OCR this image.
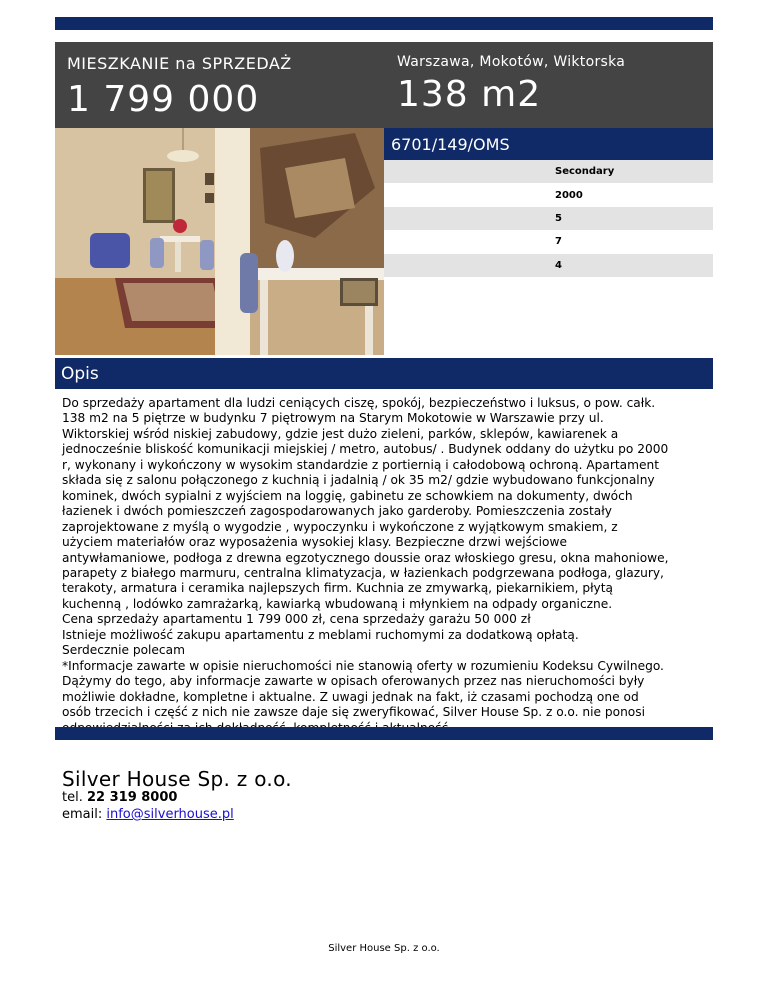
MIESZKANIE na SPRZEDAŻ
1 799 000
Warszawa, Mokotów, Wiktorska
138 m2
6701/149/OMS
Secondary
2000
5
7
4
Opis
Do sprzedaży apartament dla ludzi ceniących ciszę, spokój, bezpieczeństwo i luksus, o pow. całk.
138 m2 na 5 piętrze w budynku 7 piętrowym na Starym Mokotowie w Warszawie przy ul.
Wiktorskiej wśród niskiej zabudowy, gdzie jest dużo zieleni, parków, sklepów, kawiarenek a
jednocześnie bliskość komunikacji miejskiej / metro, autobus/ . Budynek oddany do użytku po 2000
r, wykonany i wykończony w wysokim standardzie z portiernią i całodobową ochroną. Apartament
składa się z salonu połączonego z kuchnią i jadalnią / ok 35 m2/ gdzie wybudowano funkcjonalny
kominek, dwóch sypialni z wyjściem na loggię, gabinetu ze schowkiem na dokumenty, dwóch
łazienek i dwóch pomieszczeń zagospodarowanych jako garderoby. Pomieszczenia zostały
zaprojektowane z myślą o wygodzie , wypoczynku i wykończone z wyjątkowym smakiem, z
użyciem materiałów oraz wyposażenia wysokiej klasy. Bezpieczne drzwi wejściowe
antywłamaniowe, podłoga z drewna egzotycznego doussie oraz włoskiego gresu, okna mahoniowe,
parapety z białego marmuru, centralna klimatyzacja, w łazienkach podgrzewana podłoga, glazury,
terakoty, armatura i ceramika najlepszych firm. Kuchnia ze zmywarką, piekarnikiem, płytą
kuchenną , lodówko zamrażarką, kawiarką wbudowaną i młynkiem na odpady organiczne.
Cena sprzedaży apartamentu 1 799 000 zł, cena sprzedaży garażu 50 000 zł
Istnieje możliwość zakupu apartamentu z meblami ruchomymi za dodatkową opłatą.
Serdecznie polecam
*Informacje zawarte w opisie nieruchomości nie stanowią oferty w rozumieniu Kodeksu Cywilnego.
Dążymy do tego, aby informacje zawarte w opisach oferowanych przez nas nieruchomości były
możliwie dokładne, kompletne i aktualne. Z uwagi jednak na fakt, iż czasami pochodzą one od
osób trzecich i część z nich nie zawsze daje się zweryfikować, Silver House Sp. z o.o. nie ponosi

Silver House Sp. z o.o.
tel. 22 319 8000
email: info@silverhouse.pl
Silver House Sp. z o.o.
